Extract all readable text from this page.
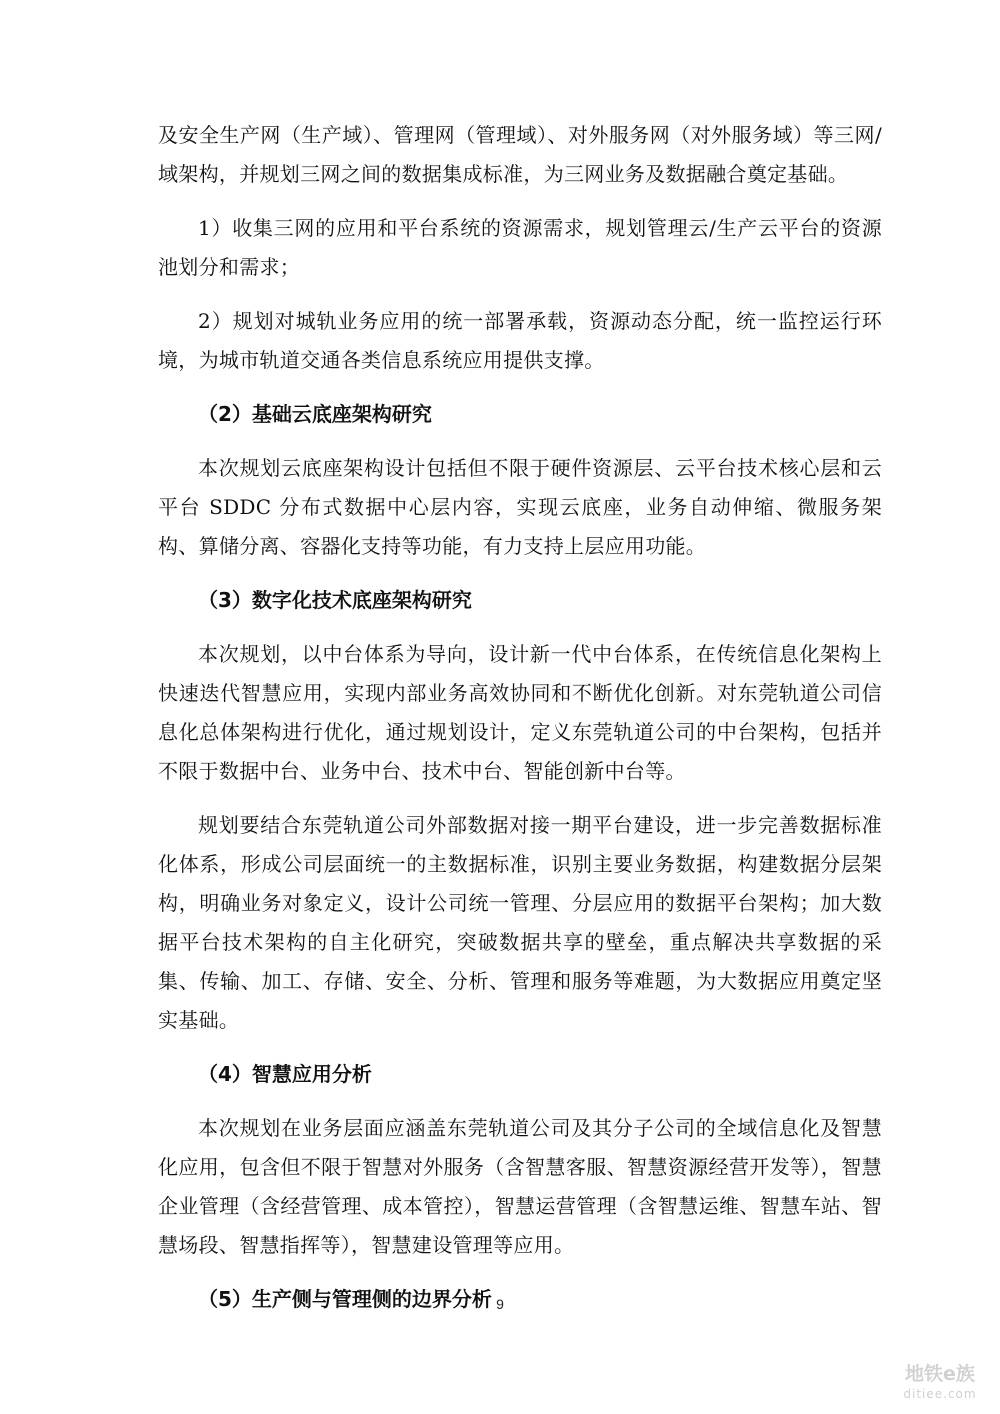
及安全生产网（生产域）、管理网（管理域）、对外服务网（对外服务域）等三网/域架构，并规划三网之间的数据集成标准，为三网业务及数据融合奠定基础。

1）收集三网的应用和平台系统的资源需求，规划管理云/生产云平台的资源池划分和需求；

2）规划对城轨业务应用的统一部署承载，资源动态分配，统一监控运行环境，为城市轨道交通各类信息系统应用提供支撑。

（2）基础云底座架构研究

本次规划云底座架构设计包括但不限于硬件资源层、云平台技术核心层和云平台 SDDC 分布式数据中心层内容，实现云底座，业务自动伸缩、微服务架构、算储分离、容器化支持等功能，有力支持上层应用功能。

（3）数字化技术底座架构研究

本次规划，以中台体系为导向，设计新一代中台体系，在传统信息化架构上快速迭代智慧应用，实现内部业务高效协同和不断优化创新。对东莞轨道公司信息化总体架构进行优化，通过规划设计，定义东莞轨道公司的中台架构，包括并不限于数据中台、业务中台、技术中台、智能创新中台等。

规划要结合东莞轨道公司外部数据对接一期平台建设，进一步完善数据标准化体系，形成公司层面统一的主数据标准，识别主要业务数据，构建数据分层架构，明确业务对象定义，设计公司统一管理、分层应用的数据平台架构；加大数据平台技术架构的自主化研究，突破数据共享的壁垒，重点解决共享数据的采集、传输、加工、存储、安全、分析、管理和服务等难题，为大数据应用奠定坚实基础。

（4）智慧应用分析

本次规划在业务层面应涵盖东莞轨道公司及其分子公司的全域信息化及智慧化应用，包含但不限于智慧对外服务（含智慧客服、智慧资源经营开发等），智慧企业管理（含经营管理、成本管控），智慧运营管理（含智慧运维、智慧车站、智慧场段、智慧指挥等），智慧建设管理等应用。

（5）生产侧与管理侧的边界分析 9
地铁e族
ditiee.com
